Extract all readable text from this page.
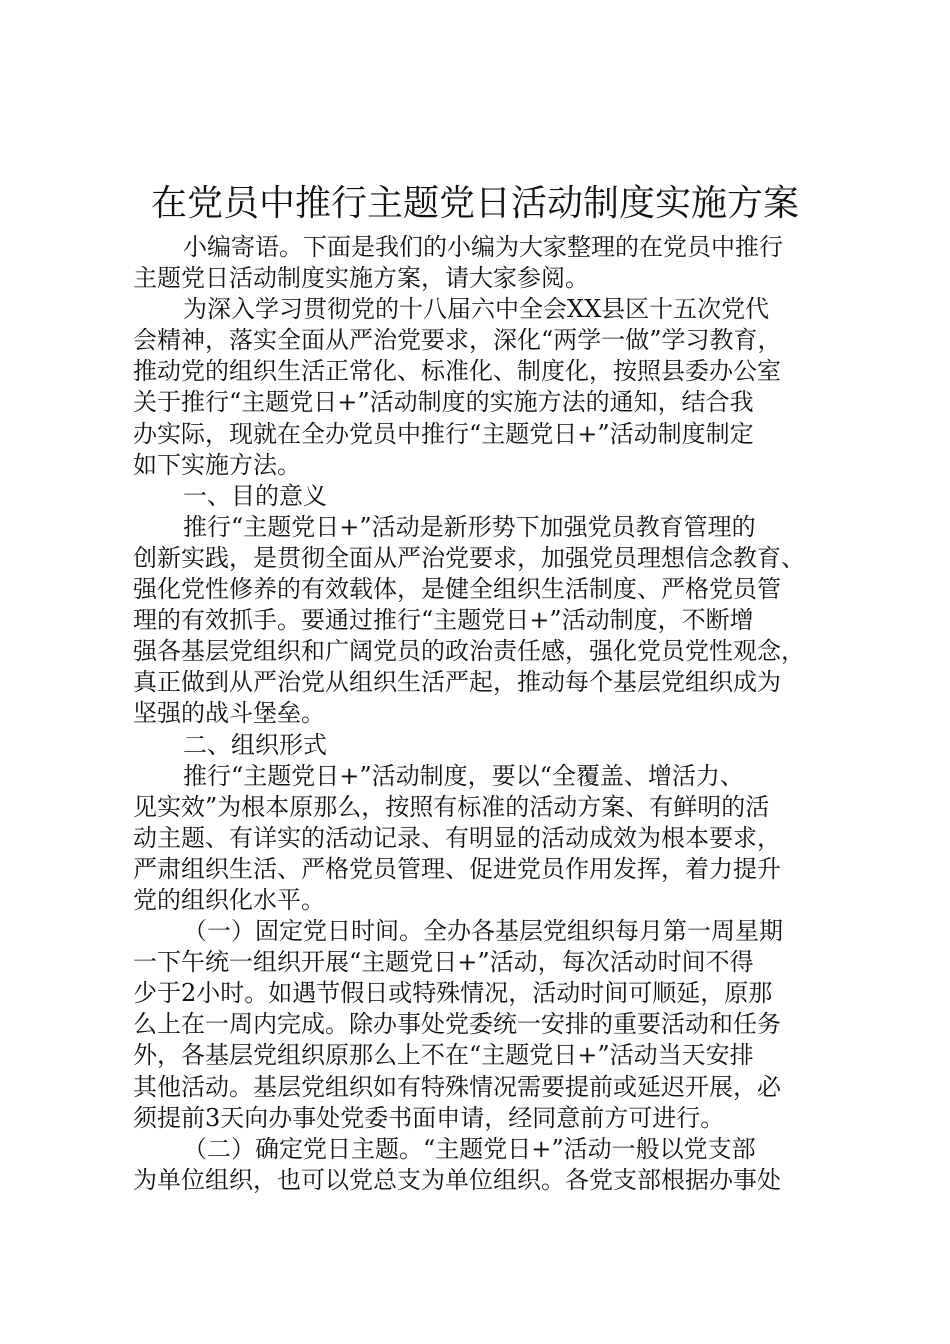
在党员中推行主题党日活动制度实施方案
小编寄语。下面是我们的小编为大家整理的在党员中推行
主题党日活动制度实施方案，请大家参阅。
为深入学习贯彻党的十八届六中全会XX县区十五次党代
会精神，落实全面从严治党要求，深化“两学一做”学习教育，
推动党的组织生活正常化、标准化、制度化，按照县委办公室
关于推行“主题党日+”活动制度的实施方法的通知，结合我
办实际，现就在全办党员中推行“主题党日+”活动制度制定
如下实施方法。
一、目的意义
推行“主题党日+”活动是新形势下加强党员教育管理的
创新实践，是贯彻全面从严治党要求，加强党员理想信念教育、
强化党性修养的有效载体，是健全组织生活制度、严格党员管
理的有效抓手。要通过推行“主题党日+”活动制度，不断增
强各基层党组织和广阔党员的政治责任感，强化党员党性观念，
真正做到从严治党从组织生活严起，推动每个基层党组织成为
坚强的战斗堡垒。
二、组织形式
推行“主题党日+”活动制度，要以“全覆盖、增活力、
见实效”为根本原那么，按照有标准的活动方案、有鲜明的活
动主题、有详实的活动记录、有明显的活动成效为根本要求，
严肃组织生活、严格党员管理、促进党员作用发挥，着力提升
党的组织化水平。
（一）固定党日时间。全办各基层党组织每月第一周星期
一下午统一组织开展“主题党日+”活动，每次活动时间不得
少于2小时。如遇节假日或特殊情况，活动时间可顺延，原那
么上在一周内完成。除办事处党委统一安排的重要活动和任务
外，各基层党组织原那么上不在“主题党日+”活动当天安排
其他活动。基层党组织如有特殊情况需要提前或延迟开展，必
须提前3天向办事处党委书面申请，经同意前方可进行。
（二）确定党日主题。“主题党日+”活动一般以党支部
为单位组织，也可以党总支为单位组织。各党支部根据办事处
